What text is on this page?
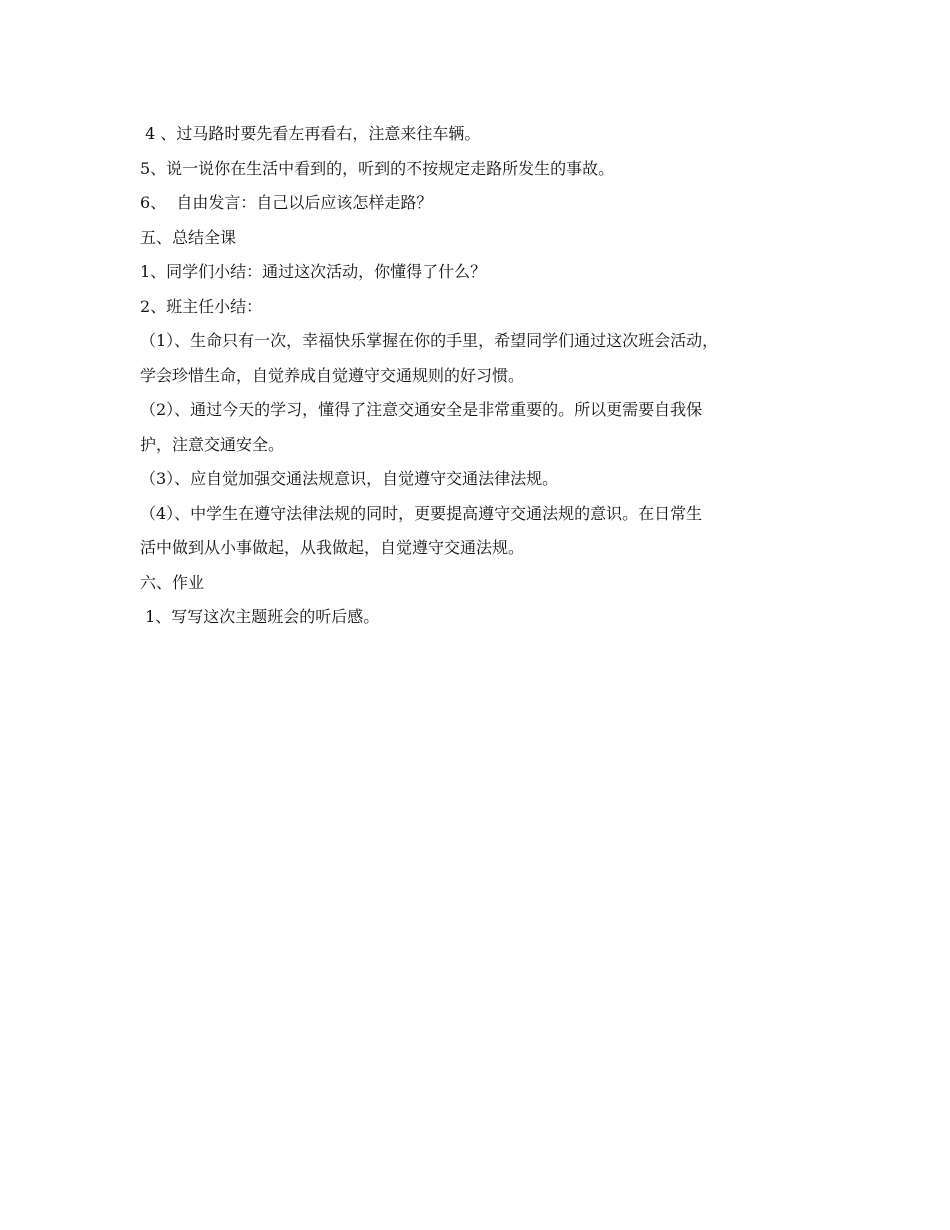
4 、过马路时要先看左再看右，注意来往车辆。
5、说一说你在生活中看到的，听到的不按规定走路所发生的事故。
6、  自由发言：自己以后应该怎样走路？
五、总结全课
1、同学们小结：通过这次活动，你懂得了什么？
2、班主任小结：
（1）、生命只有一次，幸福快乐掌握在你的手里，希望同学们通过这次班会活动，
学会珍惜生命，自觉养成自觉遵守交通规则的好习惯。
（2）、通过今天的学习，懂得了注意交通安全是非常重要的。所以更需要自我保
护，注意交通安全。
（3）、应自觉加强交通法规意识，自觉遵守交通法律法规。
（4）、中学生在遵守法律法规的同时，更要提高遵守交通法规的意识。在日常生
活中做到从小事做起，从我做起，自觉遵守交通法规。
六、作业
1、写写这次主题班会的听后感。
